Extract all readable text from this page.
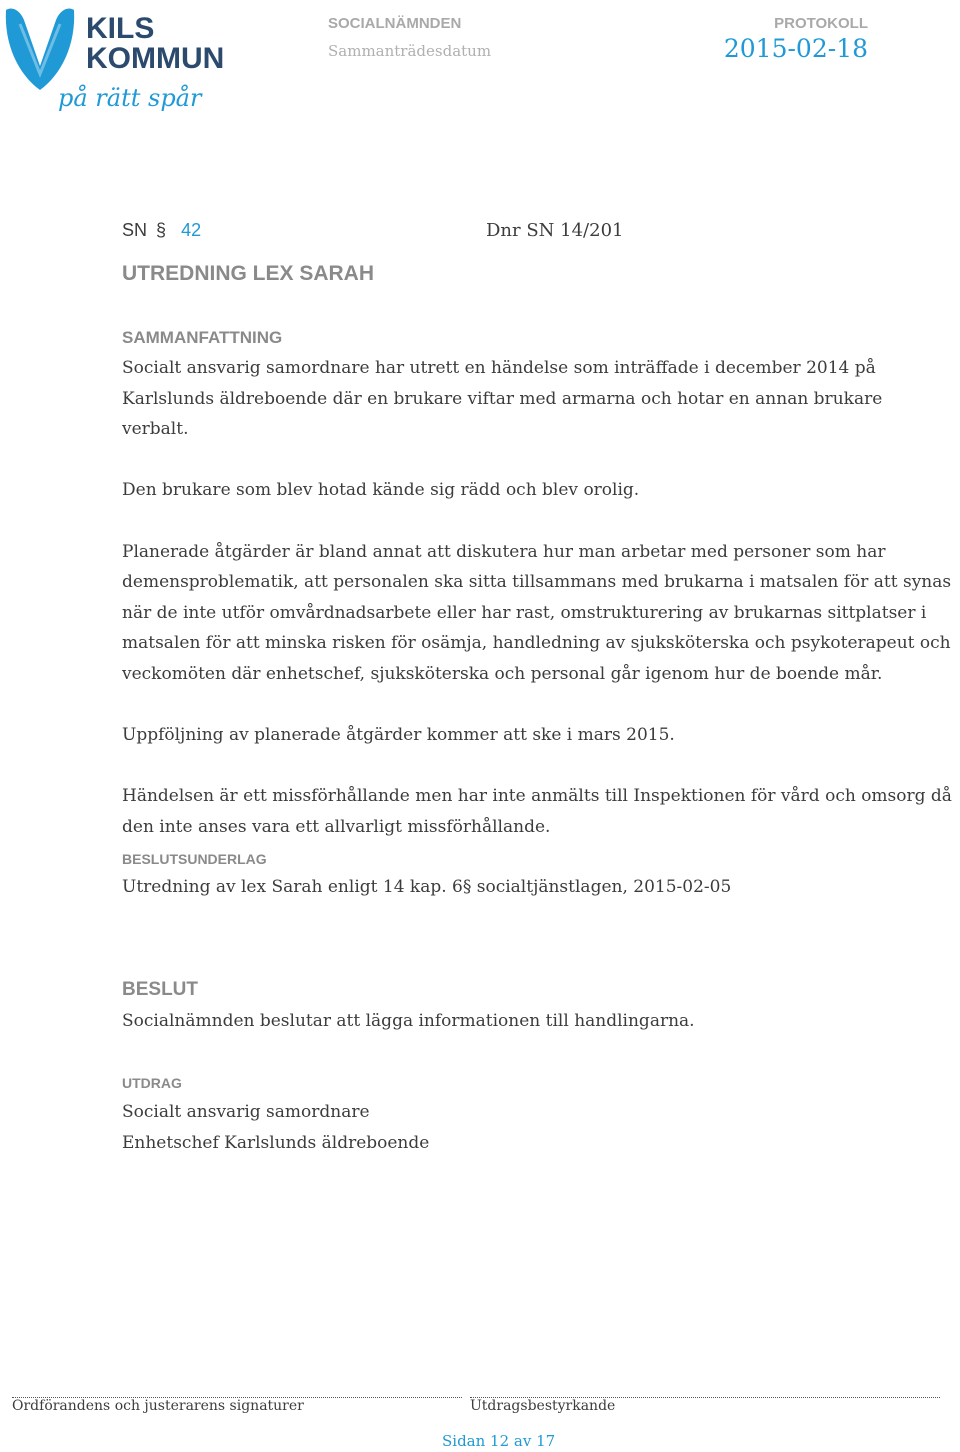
KILS
KOMMUN
på rätt spår
SOCIALNÄMNDEN
Sammanträdesdatum
PROTOKOLL
2015-02-18
SN § 42	Dnr SN 14/201
UTREDNING LEX SARAH
SAMMANFATTNING

Socialt ansvarig samordnare har utrett en händelse som inträffade i december 2014 på Karlslunds äldreboende där en brukare viftar med armarna och hotar en annan brukare verbalt.

Den brukare som blev hotad kände sig rädd och blev orolig.

Planerade åtgärder är bland annat att diskutera hur man arbetar med personer som har demensproblematik, att personalen ska sitta tillsammans med brukarna i matsalen för att synas när de inte utför omvårdnadsarbete eller har rast, omstrukturering av brukarnas sittplatser i matsalen för att minska risken för osämja, handledning av sjuksköterska och psykoterapeut och veckomöten där enhetschef, sjuksköterska och personal går igenom hur de boende mår.

Uppföljning av planerade åtgärder kommer att ske i mars 2015.

Händelsen är ett missförhållande men har inte anmälts till Inspektionen för vård och omsorg då den inte anses vara ett allvarligt missförhållande.

BESLUTSUNDERLAG
Utredning av lex Sarah enligt 14 kap. 6§ socialtjänstlagen, 2015-02-05
BESLUT
Socialnämnden beslutar att lägga informationen till handlingarna.
UTDRAG
Socialt ansvarig samordnare
Enhetschef Karlslunds äldreboende
Ordförandens och justerarens signaturer	Utdragsbestyrkande
Sidan 12 av 17
